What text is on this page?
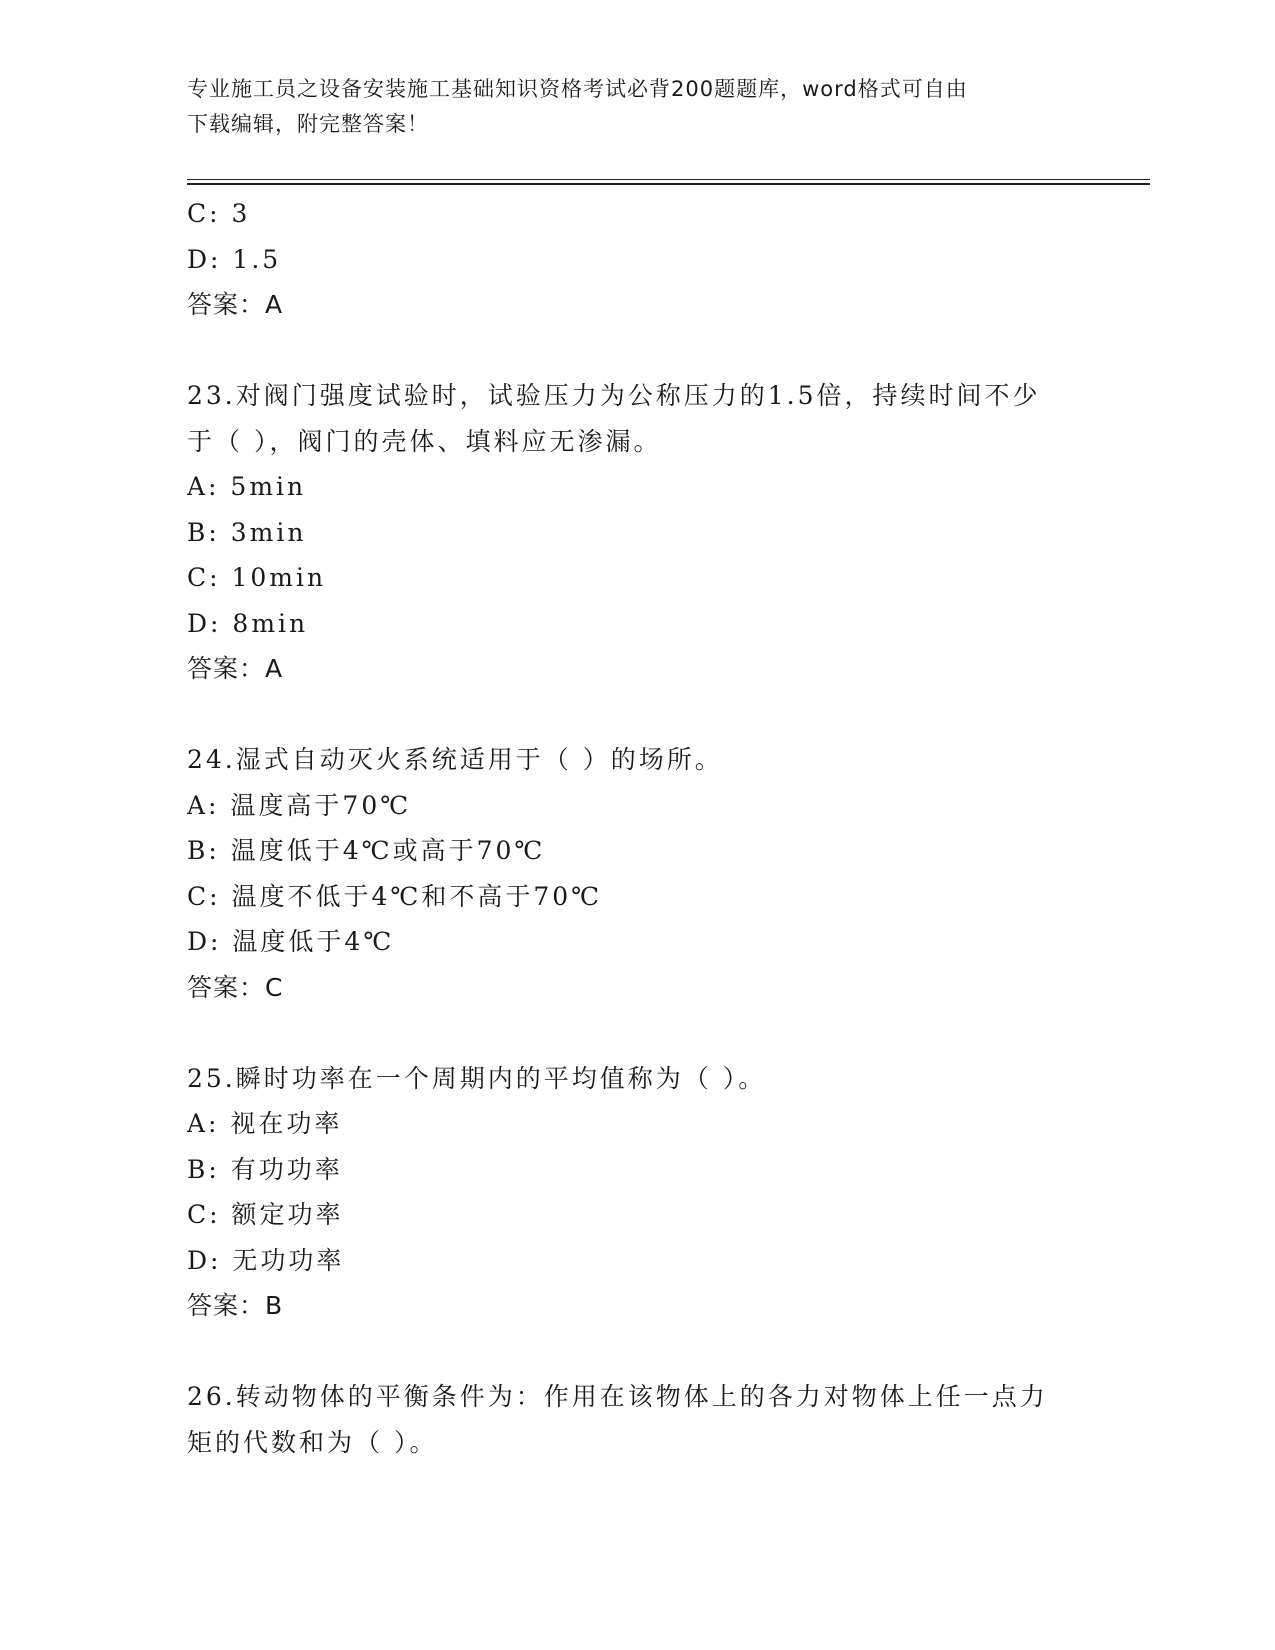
专业施工员之设备安装施工基础知识资格考试必背200题题库，word格式可自由
下载编辑，附完整答案！
C: 3
D: 1.5
答案：A
23.对阀门强度试验时，试验压力为公称压力的1.5倍，持续时间不少
于（ ），阀门的壳体、填料应无渗漏。
A: 5min
B: 3min
C: 10min
D: 8min
答案：A
24.湿式自动灭火系统适用于（ ）的场所。
A: 温度高于70℃
B: 温度低于4℃或高于70℃
C: 温度不低于4℃和不高于70℃
D: 温度低于4℃
答案：C
25.瞬时功率在一个周期内的平均值称为（ ）。
A: 视在功率
B: 有功功率
C: 额定功率
D: 无功功率
答案：B
26.转动物体的平衡条件为：作用在该物体上的各力对物体上任一点力
矩的代数和为（ ）。
